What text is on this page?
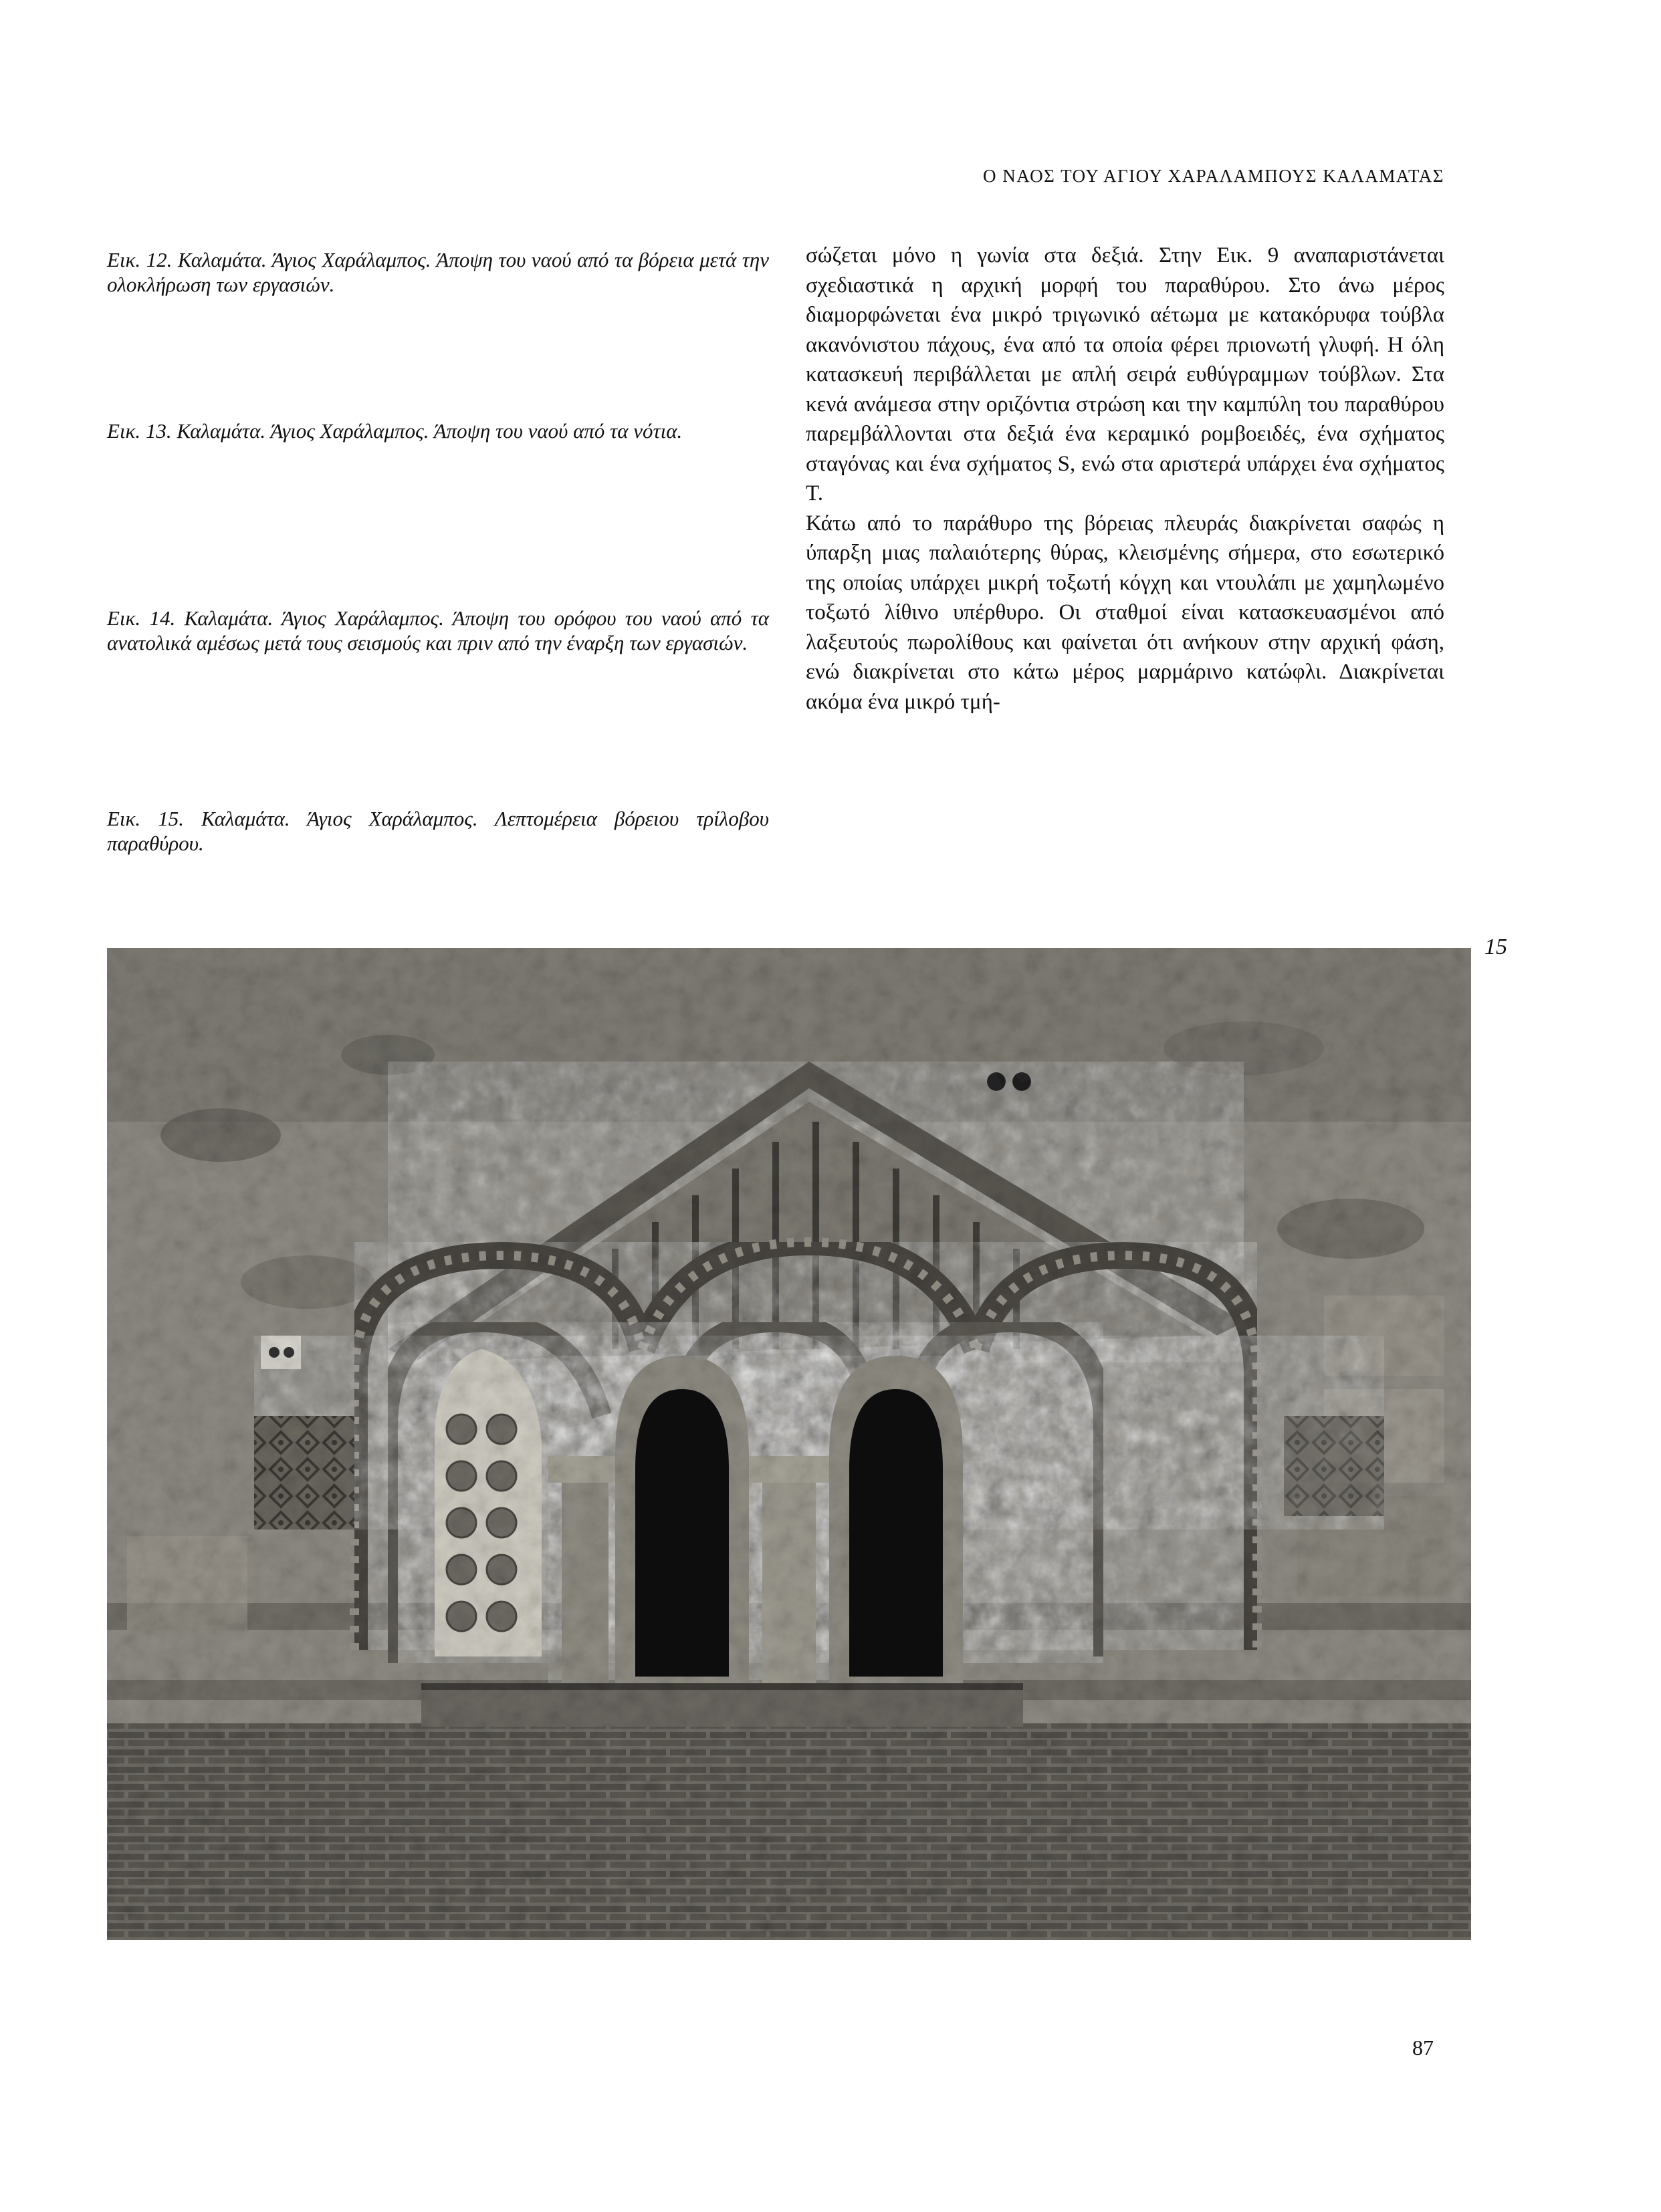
Ο ΝΑΟΣ ΤΟΥ ΑΓΙΟΥ ΧΑΡΑΛΑΜΠΟΥΣ ΚΑΛΑΜΑΤΑΣ

Εικ. 12. Καλαμάτα. Άγιος Χαράλαμπος. Άποψη του ναού από τα βόρεια μετά την ολοκλήρωση των εργασιών.

Εικ. 13. Καλαμάτα. Άγιος Χαράλαμπος. Άποψη του ναού από τα νότια.

Εικ. 14. Καλαμάτα. Άγιος Χαράλαμπος. Άποψη του ορόφου του ναού από τα ανατολικά αμέσως μετά τους σεισμούς και πριν από την έναρξη των εργασιών.

Εικ. 15. Καλαμάτα. Άγιος Χαράλαμπος. Λεπτομέρεια βόρειου τρίλοβου παραθύρου.

σώζεται μόνο η γωνία στα δεξιά. Στην Εικ. 9 αναπαριστάνεται σχεδιαστικά η αρχική μορφή του παραθύρου. Στο άνω μέρος διαμορφώνεται ένα μικρό τριγωνικό αέτωμα με κατακόρυφα τούβλα ακανόνιστου πάχους, ένα από τα οποία φέρει πριονωτή γλυφή. Η όλη κατασκευή περιβάλλεται με απλή σειρά ευθύγραμμων τούβλων. Στα κενά ανάμεσα στην οριζόντια στρώση και την καμπύλη του παραθύρου παρεμβάλλονται στα δεξιά ένα κεραμικό ρομβοειδές, ένα σχήματος σταγόνας και ένα σχήματος S, ενώ στα αριστερά υπάρχει ένα σχήματος Τ.
Κάτω από το παράθυρο της βόρειας πλευράς διακρίνεται σαφώς η ύπαρξη μιας παλαιότερης θύρας, κλεισμένης σήμερα, στο εσωτερικό της οποίας υπάρχει μικρή τοξωτή κόγχη και ντουλάπι με χαμηλωμένο τοξωτό λίθινο υπέρθυρο. Οι σταθμοί είναι κατασκευασμένοι από λαξευτούς πωρολίθους και φαίνεται ότι ανήκουν στην αρχική φάση, ενώ διακρίνεται στο κάτω μέρος μαρμάρινο κατώφλι. Διακρίνεται ακόμα ένα μικρό τμή-
15
87
